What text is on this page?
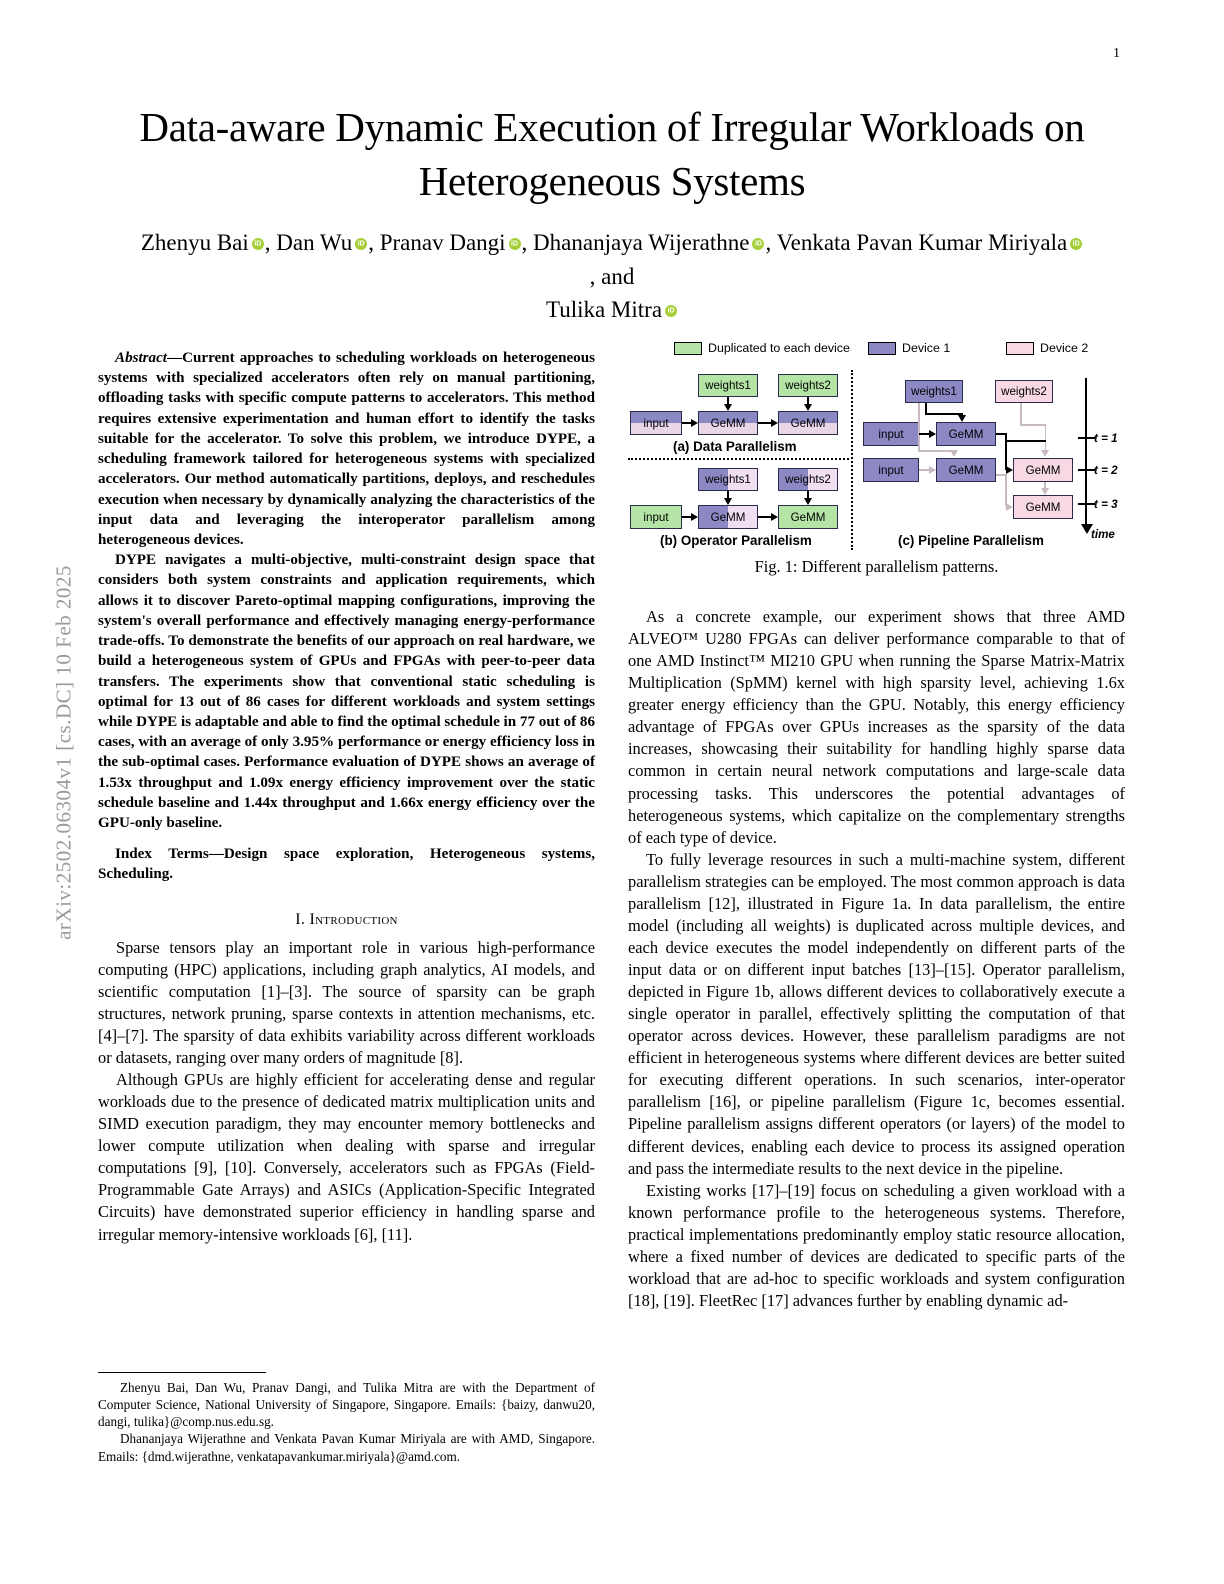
arXiv:2502.06304v1 [cs.DC] 10 Feb 2025
1
Data-aware Dynamic Execution of Irregular Workloads on Heterogeneous Systems
Zhenyu Bai iD , Dan Wu iD , Pranav Dangi iD , Dhananjaya Wijerathne iD , Venkata Pavan Kumar MiriyalaiD, and
Tulika MitraiD

Abstract—Current approaches to scheduling workloads on heterogeneous systems with specialized accelerators often rely on manual partitioning, offloading tasks with specific compute patterns to accelerators. This method requires extensive experimentation and human effort to identify the tasks suitable for the accelerator. To solve this problem, we introduce DYPE, a scheduling framework tailored for heterogeneous systems with specialized accelerators. Our method automatically partitions, deploys, and reschedules execution when necessary by dynamically analyzing the characteristics of the input data and leveraging the interoperator parallelism among heterogeneous devices.

DYPE navigates a multi-objective, multi-constraint design space that considers both system constraints and application requirements, which allows it to discover Pareto-optimal mapping configurations, improving the system's overall performance and effectively managing energy-performance trade-offs. To demonstrate the benefits of our approach on real hardware, we build a heterogeneous system of GPUs and FPGAs with peer-to-peer data transfers. The experiments show that conventional static scheduling is optimal for 13 out of 86 cases for different workloads and system settings while DYPE is adaptable and able to find the optimal schedule in 77 out of 86 cases, with an average of only 3.95% performance or energy efficiency loss in the sub-optimal cases. Performance evaluation of DYPE shows an average of 1.53x throughput and 1.09x energy efficiency improvement over the static schedule baseline and 1.44x throughput and 1.66x energy efficiency over the GPU-only baseline.

Index Terms—Design space exploration, Heterogeneous systems, Scheduling.
I. Introduction

Sparse tensors play an important role in various high-performance computing (HPC) applications, including graph analytics, AI models, and scientific computation [1]–[3]. The source of sparsity can be graph structures, network pruning, sparse contexts in attention mechanisms, etc. [4]–[7]. The sparsity of data exhibits variability across different workloads or datasets, ranging over many orders of magnitude [8].

Although GPUs are highly efficient for accelerating dense and regular workloads due to the presence of dedicated matrix multiplication units and SIMD execution paradigm, they may encounter memory bottlenecks and lower compute utilization when dealing with sparse and irregular computations [9], [10]. Conversely, accelerators such as FPGAs (Field-Programmable Gate Arrays) and ASICs (Application-Specific Integrated Circuits) have demonstrated superior efficiency in handling sparse and irregular memory-intensive workloads [6], [11].

Zhenyu Bai, Dan Wu, Pranav Dangi, and Tulika Mitra are with the Department of Computer Science, National University of Singapore, Singapore. Emails: {baizy, danwu20, dangi, tulika}@comp.nus.edu.sg.

Dhananjaya Wijerathne and Venkata Pavan Kumar Miriyala are with AMD, Singapore. Emails: {dmd.wijerathne, venkatapavankumar.miriyala}@amd.com.

Duplicated to each device	Device 1	Device 2
weights1	weights2
input	GeMM	GeMM
(a) Data Parallelism
weights1	weights2
input	GeMM	GeMM
(b) Operator Parallelism
weights1	weights2
input	GeMM
input	GeMM	GeMM
GeMM
t = 1
t = 2
t = 3
time
(c) Pipeline Parallelism
Fig. 1: Different parallelism patterns.

As a concrete example, our experiment shows that three AMD ALVEO™ U280 FPGAs can deliver performance comparable to that of one AMD Instinct™ MI210 GPU when running the Sparse Matrix-Matrix Multiplication (SpMM) kernel with high sparsity level, achieving 1.6x greater energy efficiency than the GPU. Notably, this energy efficiency advantage of FPGAs over GPUs increases as the sparsity of the data increases, showcasing their suitability for handling highly sparse data common in certain neural network computations and large-scale data processing tasks. This underscores the potential advantages of heterogeneous systems, which capitalize on the complementary strengths of each type of device.

To fully leverage resources in such a multi-machine system, different parallelism strategies can be employed. The most common approach is data parallelism [12], illustrated in Figure 1a. In data parallelism, the entire model (including all weights) is duplicated across multiple devices, and each device executes the model independently on different parts of the input data or on different input batches [13]–[15]. Operator parallelism, depicted in Figure 1b, allows different devices to collaboratively execute a single operator in parallel, effectively splitting the computation of that operator across devices. However, these parallelism paradigms are not efficient in heterogeneous systems where different devices are better suited for executing different operations. In such scenarios, inter-operator parallelism [16], or pipeline parallelism (Figure 1c, becomes essential. Pipeline parallelism assigns different operators (or layers) of the model to different devices, enabling each device to process its assigned operation and pass the intermediate results to the next device in the pipeline.

Existing works [17]–[19] focus on scheduling a given workload with a known performance profile to the heterogeneous systems. Therefore, practical implementations predominantly employ static resource allocation, where a fixed number of devices are dedicated to specific parts of the workload that are ad-hoc to specific workloads and system configuration [18], [19]. FleetRec [17] advances further by enabling dynamic ad-
